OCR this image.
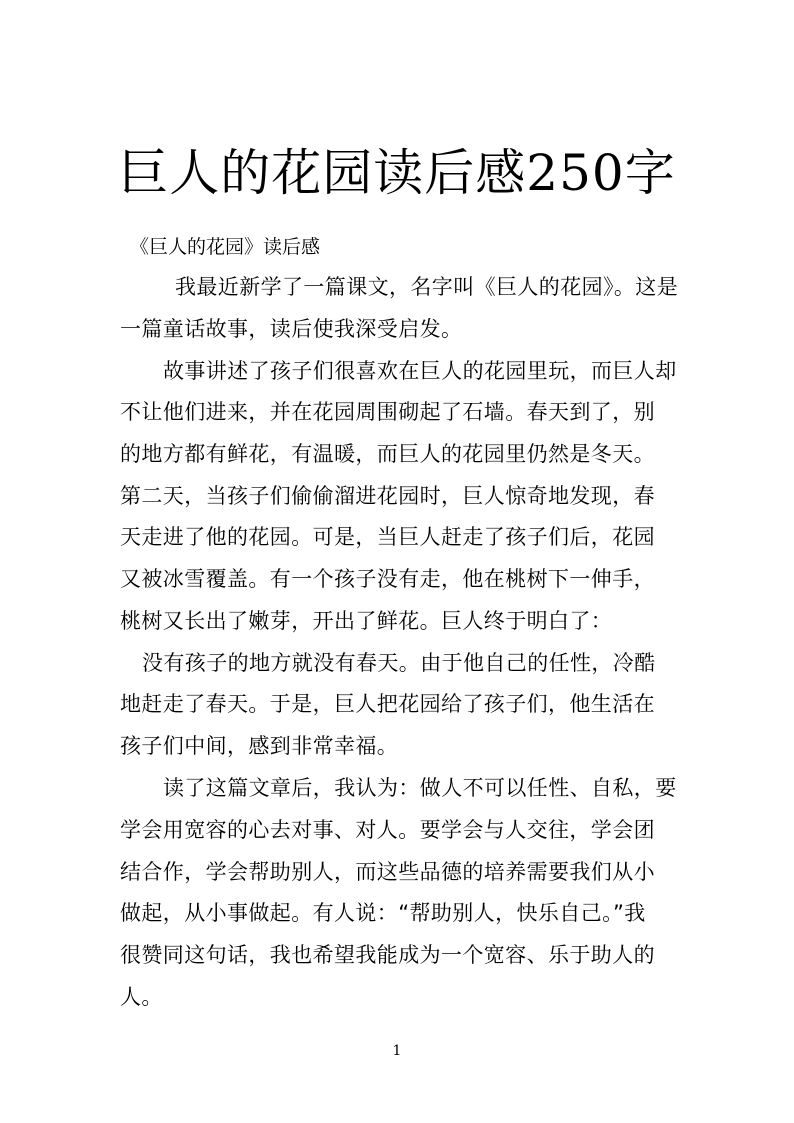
巨人的花园读后感250字
《巨人的花园》读后感
我最近新学了一篇课文，名字叫《巨人的花园》。这是
一篇童话故事，读后使我深受启发。
故事讲述了孩子们很喜欢在巨人的花园里玩，而巨人却
不让他们进来，并在花园周围砌起了石墙。春天到了，别
的地方都有鲜花，有温暖，而巨人的花园里仍然是冬天。
第二天，当孩子们偷偷溜进花园时，巨人惊奇地发现，春
天走进了他的花园。可是，当巨人赶走了孩子们后，花园
又被冰雪覆盖。有一个孩子没有走，他在桃树下一伸手，
桃树又长出了嫩芽，开出了鲜花。巨人终于明白了：
没有孩子的地方就没有春天。由于他自己的任性，冷酷
地赶走了春天。于是，巨人把花园给了孩子们，他生活在
孩子们中间，感到非常幸福。
读了这篇文章后，我认为：做人不可以任性、自私，要
学会用宽容的心去对事、对人。要学会与人交往，学会团
结合作，学会帮助别人，而这些品德的培养需要我们从小
做起，从小事做起。有人说：“帮助别人，快乐自己。”我
很赞同这句话，我也希望我能成为一个宽容、乐于助人的
人。
1
